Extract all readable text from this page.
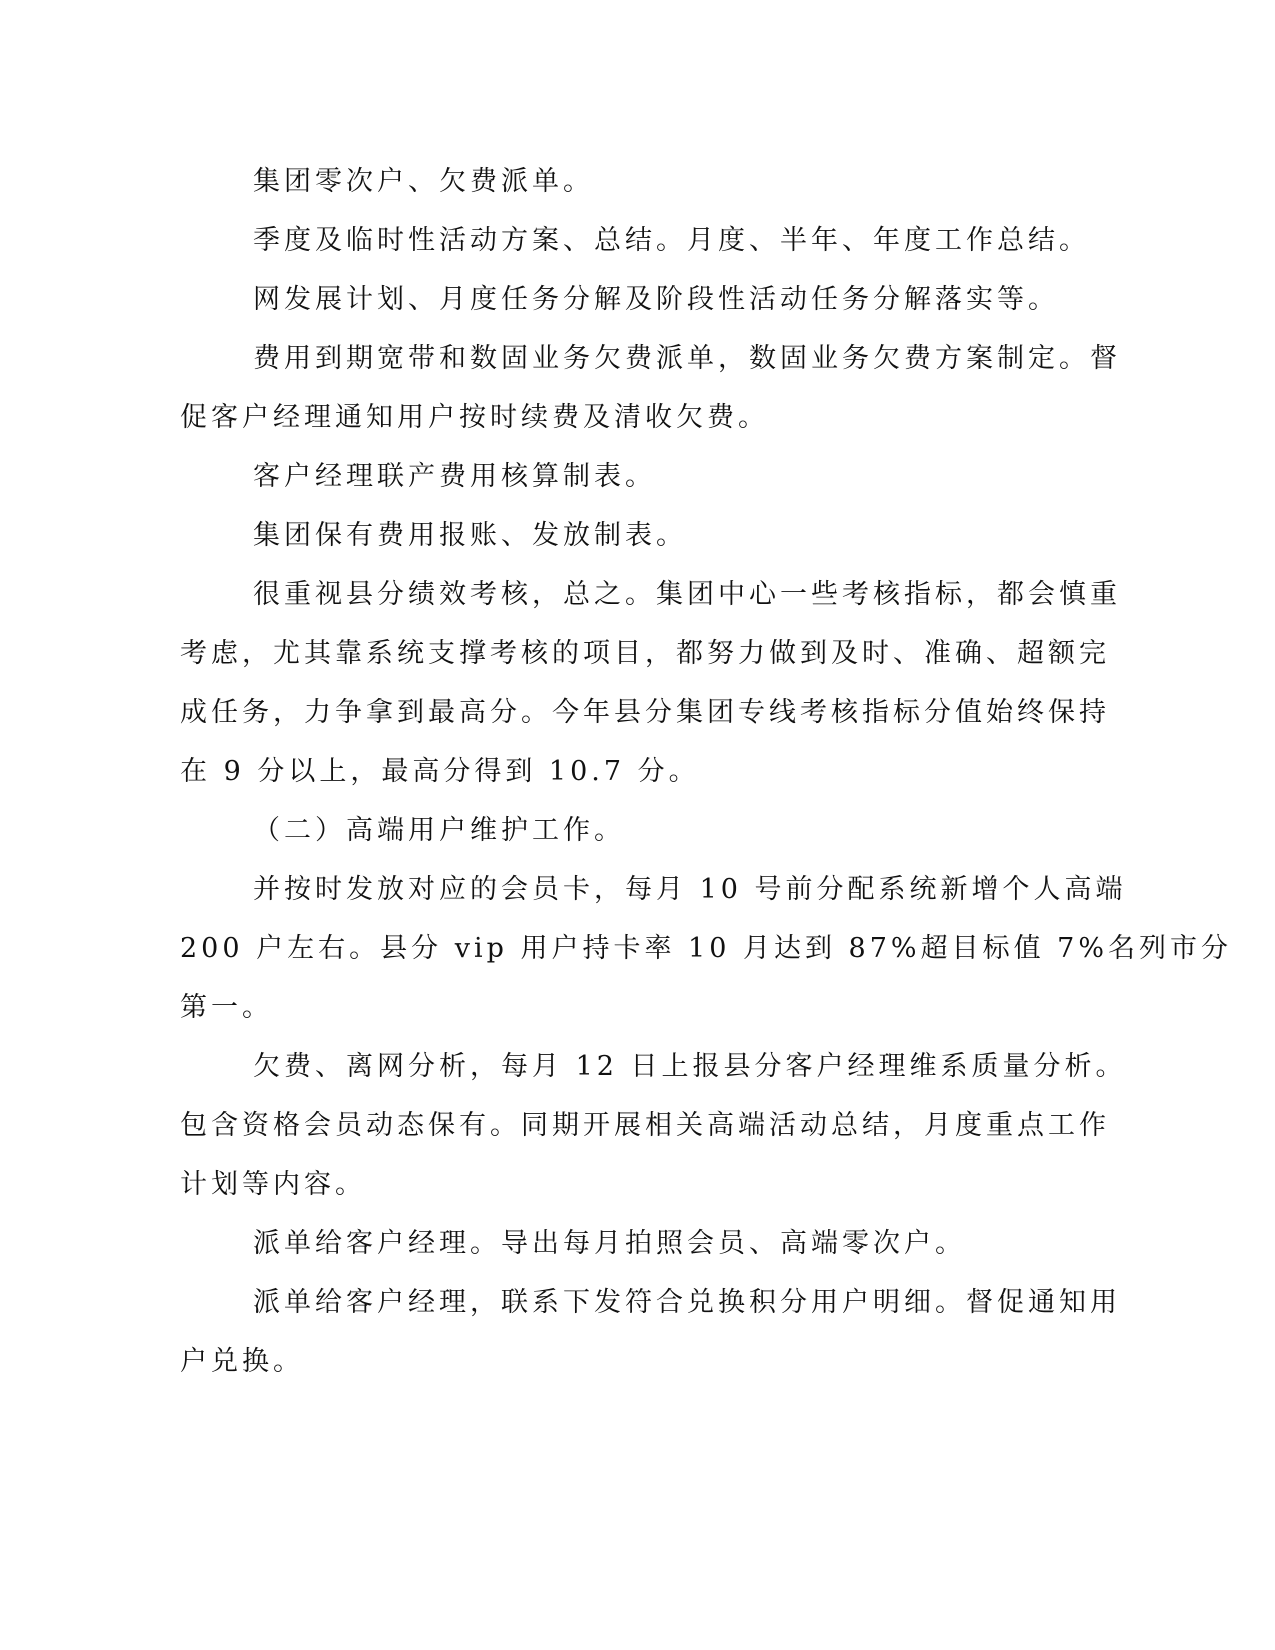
集团零次户、欠费派单。
季度及临时性活动方案、总结。月度、半年、年度工作总结。
网发展计划、月度任务分解及阶段性活动任务分解落实等。
费用到期宽带和数固业务欠费派单，数固业务欠费方案制定。督
促客户经理通知用户按时续费及清收欠费。
客户经理联产费用核算制表。
集团保有费用报账、发放制表。
很重视县分绩效考核，总之。集团中心一些考核指标，都会慎重
考虑，尤其靠系统支撑考核的项目，都努力做到及时、准确、超额完
成任务，力争拿到最高分。今年县分集团专线考核指标分值始终保持
在 9 分以上，最高分得到 10.7 分。
（二）高端用户维护工作。
并按时发放对应的会员卡，每月 10 号前分配系统新增个人高端
200 户左右。县分 vip 用户持卡率 10 月达到 87%超目标值 7%名列市分
第一。
欠费、离网分析，每月 12 日上报县分客户经理维系质量分析。
包含资格会员动态保有。同期开展相关高端活动总结，月度重点工作
计划等内容。
派单给客户经理。导出每月拍照会员、高端零次户。
派单给客户经理，联系下发符合兑换积分用户明细。督促通知用
户兑换。
